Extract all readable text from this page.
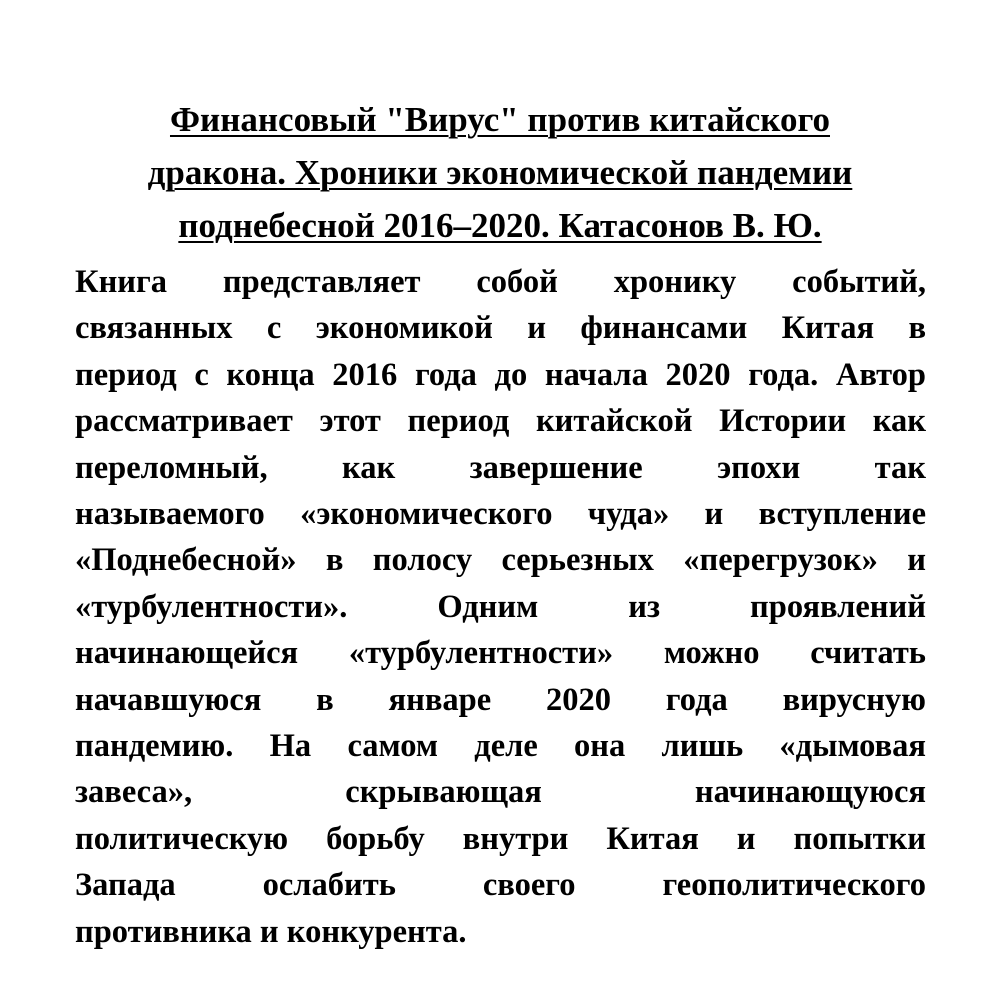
Финансовый "Вирус" против китайского
дракона. Хроники экономической пандемии
поднебесной 2016–2020. Катасонов В. Ю.
Книга представляет собой хронику событий,
связанных с экономикой и финансами Китая в
период с конца 2016 года до начала 2020 года. Автор
рассматривает этот период китайской Истории как
переломный, как завершение эпохи так
называемого «экономического чуда» и вступление
«Поднебесной» в полосу серьезных «перегрузок» и
«турбулентности». Одним из проявлений
начинающейся «турбулентности» можно считать
начавшуюся в январе 2020 года вирусную
пандемию. На самом деле она лишь «дымовая
завеса», скрывающая начинающуюся
политическую борьбу внутри Китая и попытки
Запада ослабить своего геополитического
противника и конкурента.
